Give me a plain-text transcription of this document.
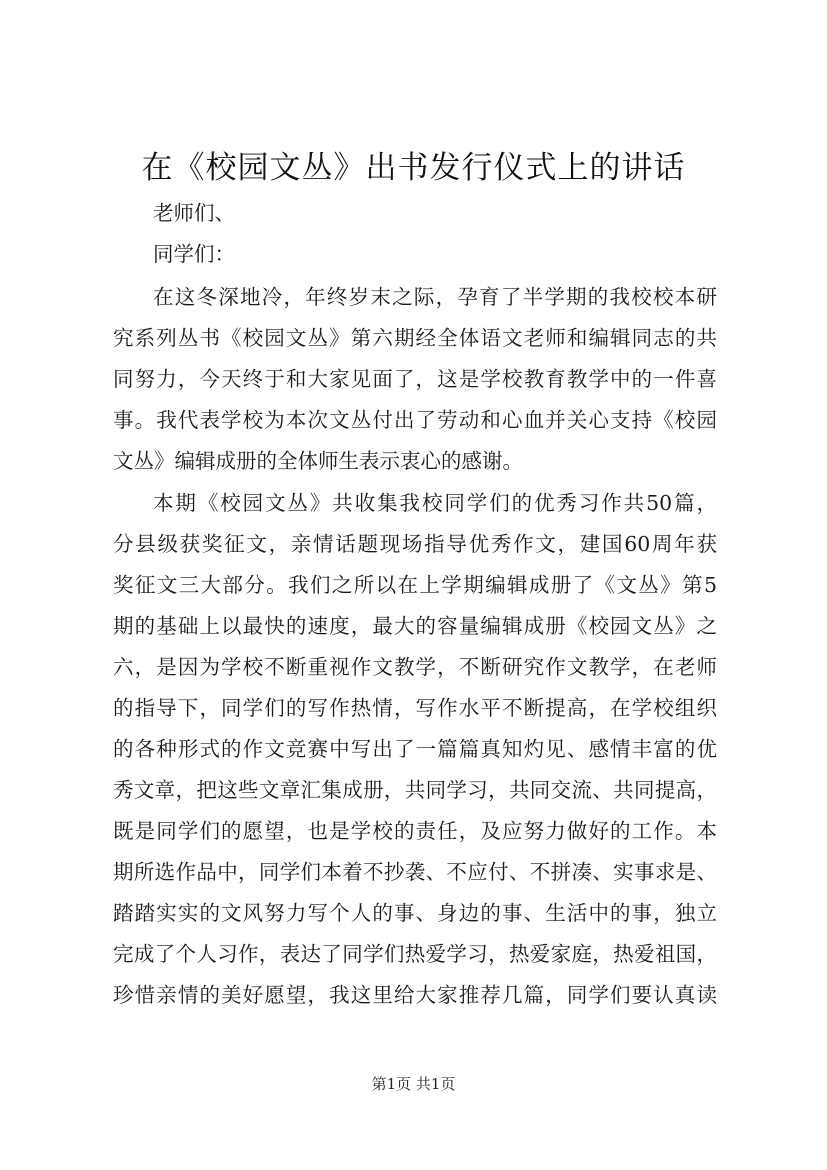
在《校园文丛》出书发行仪式上的讲话
老师们、
同学们：
在这冬深地冷，年终岁末之际，孕育了半学期的我校校本研
究系列丛书《校园文丛》第六期经全体语文老师和编辑同志的共
同努力，今天终于和大家见面了，这是学校教育教学中的一件喜
事。我代表学校为本次文丛付出了劳动和心血并关心支持《校园
文丛》编辑成册的全体师生表示衷心的感谢。
本期《校园文丛》共收集我校同学们的优秀习作共50篇，
分县级获奖征文，亲情话题现场指导优秀作文，建国60周年获
奖征文三大部分。我们之所以在上学期编辑成册了《文丛》第5
期的基础上以最快的速度，最大的容量编辑成册《校园文丛》之
六，是因为学校不断重视作文教学，不断研究作文教学，在老师
的指导下，同学们的写作热情，写作水平不断提高，在学校组织
的各种形式的作文竞赛中写出了一篇篇真知灼见、感情丰富的优
秀文章，把这些文章汇集成册，共同学习，共同交流、共同提高，
既是同学们的愿望，也是学校的责任，及应努力做好的工作。本
期所选作品中，同学们本着不抄袭、不应付、不拼凑、实事求是、
踏踏实实的文风努力写个人的事、身边的事、生活中的事，独立
完成了个人习作，表达了同学们热爱学习，热爱家庭，热爱祖国，
珍惜亲情的美好愿望，我这里给大家推荐几篇，同学们要认真读
第1页 共1页
